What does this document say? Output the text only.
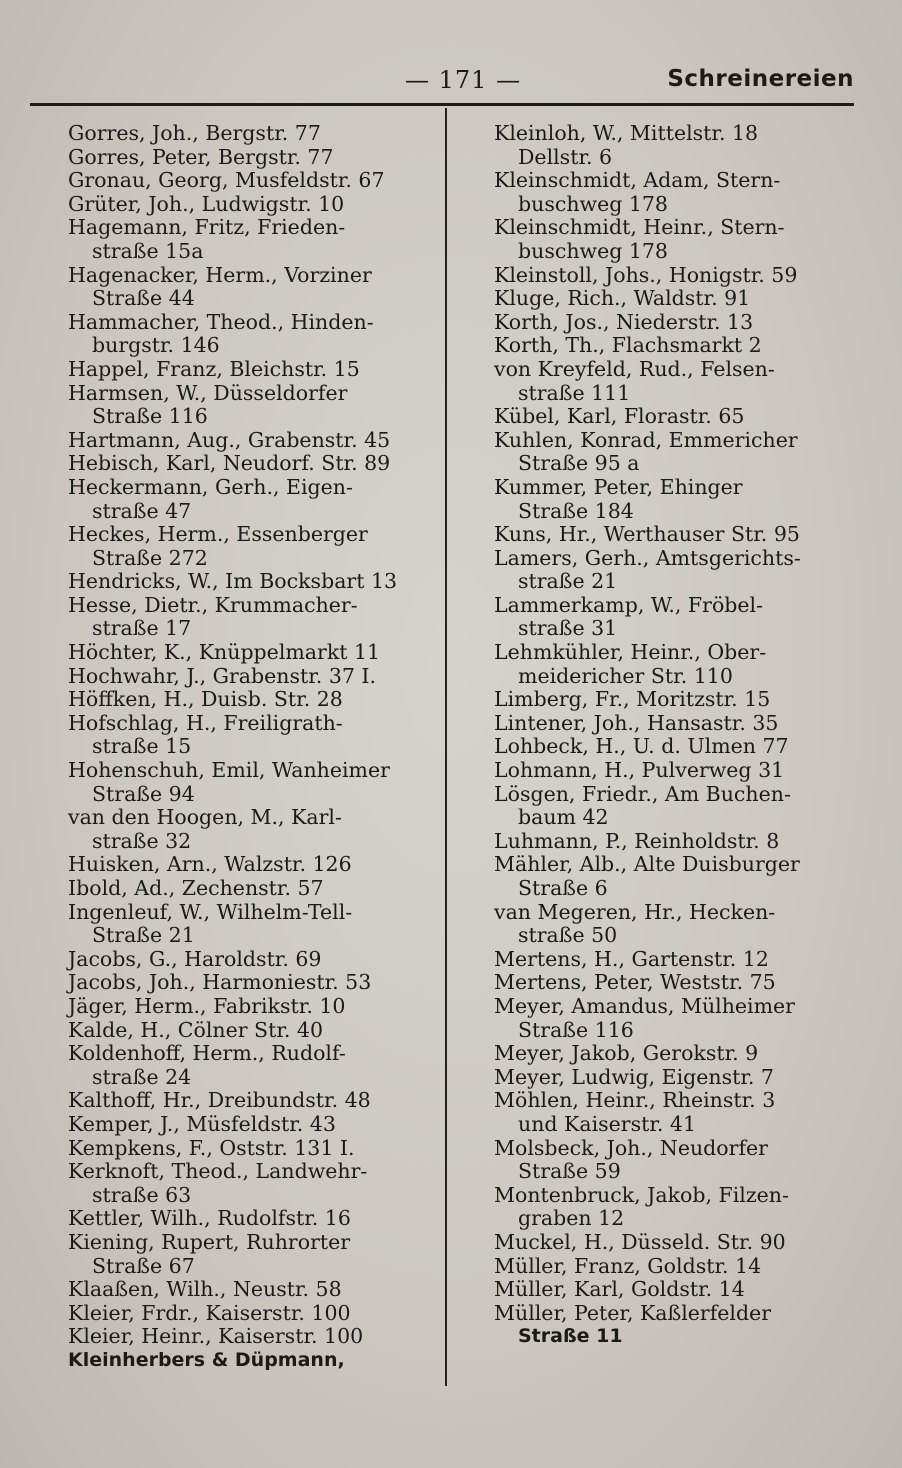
— 171 —	Schreinereien
Gorres, Joh., Bergstr. 77
Gorres, Peter, Bergstr. 77
Gronau, Georg, Musfeldstr. 67
Grüter, Joh., Ludwigstr. 10
Hagemann, Fritz, Frieden-
straße 15a
Hagenacker, Herm., Vorziner
Straße 44
Hammacher, Theod., Hinden-
burgstr. 146
Happel, Franz, Bleichstr. 15
Harmsen, W., Düsseldorfer
Straße 116
Hartmann, Aug., Grabenstr. 45
Hebisch, Karl, Neudorf. Str. 89
Heckermann, Gerh., Eigen-
straße 47
Heckes, Herm., Essenberger
Straße 272
Hendricks, W., Im Bocksbart 13
Hesse, Dietr., Krummacher-
straße 17
Höchter, K., Knüppelmarkt 11
Hochwahr, J., Grabenstr. 37 I.
Höffken, H., Duisb. Str. 28
Hofschlag, H., Freiligrath-
straße 15
Hohenschuh, Emil, Wanheimer
Straße 94
van den Hoogen, M., Karl-
straße 32
Huisken, Arn., Walzstr. 126
Ibold, Ad., Zechenstr. 57
Ingenleuf, W., Wilhelm-Tell-
Straße 21
Jacobs, G., Haroldstr. 69
Jacobs, Joh., Harmoniestr. 53
Jäger, Herm., Fabrikstr. 10
Kalde, H., Cölner Str. 40
Koldenhoff, Herm., Rudolf-
straße 24
Kalthoff, Hr., Dreibundstr. 48
Kemper, J., Müsfeldstr. 43
Kempkens, F., Oststr. 131 I.
Kerknoft, Theod., Landwehr-
straße 63
Kettler, Wilh., Rudolfstr. 16
Kiening, Rupert, Ruhrorter
Straße 67
Klaaßen, Wilh., Neustr. 58
Kleier, Frdr., Kaiserstr. 100
Kleier, Heinr., Kaiserstr. 100
Kleinherbers & Düpmann,
Kleinloh, W., Mittelstr. 18
Dellstr. 6
Kleinschmidt, Adam, Stern-
buschweg 178
Kleinschmidt, Heinr., Stern-
buschweg 178
Kleinstoll, Johs., Honigstr. 59
Kluge, Rich., Waldstr. 91
Korth, Jos., Niederstr. 13
Korth, Th., Flachsmarkt 2
von Kreyfeld, Rud., Felsen-
straße 111
Kübel, Karl, Florastr. 65
Kuhlen, Konrad, Emmericher
Straße 95 a
Kummer, Peter, Ehinger
Straße 184
Kuns, Hr., Werthauser Str. 95
Lamers, Gerh., Amtsgerichts-
straße 21
Lammerkamp, W., Fröbel-
straße 31
Lehmkühler, Heinr., Ober-
meidericher Str. 110
Limberg, Fr., Moritzstr. 15
Lintener, Joh., Hansastr. 35
Lohbeck, H., U. d. Ulmen 77
Lohmann, H., Pulverweg 31
Lösgen, Friedr., Am Buchen-
baum 42
Luhmann, P., Reinholdstr. 8
Mähler, Alb., Alte Duisburger
Straße 6
van Megeren, Hr., Hecken-
straße 50
Mertens, H., Gartenstr. 12
Mertens, Peter, Weststr. 75
Meyer, Amandus, Mülheimer
Straße 116
Meyer, Jakob, Gerokstr. 9
Meyer, Ludwig, Eigenstr. 7
Möhlen, Heinr., Rheinstr. 3
und Kaiserstr. 41
Molsbeck, Joh., Neudorfer
Straße 59
Montenbruck, Jakob, Filzen-
graben 12
Muckel, H., Düsseld. Str. 90
Müller, Franz, Goldstr. 14
Müller, Karl, Goldstr. 14
Müller, Peter, Kaßlerfelder
Straße 11
